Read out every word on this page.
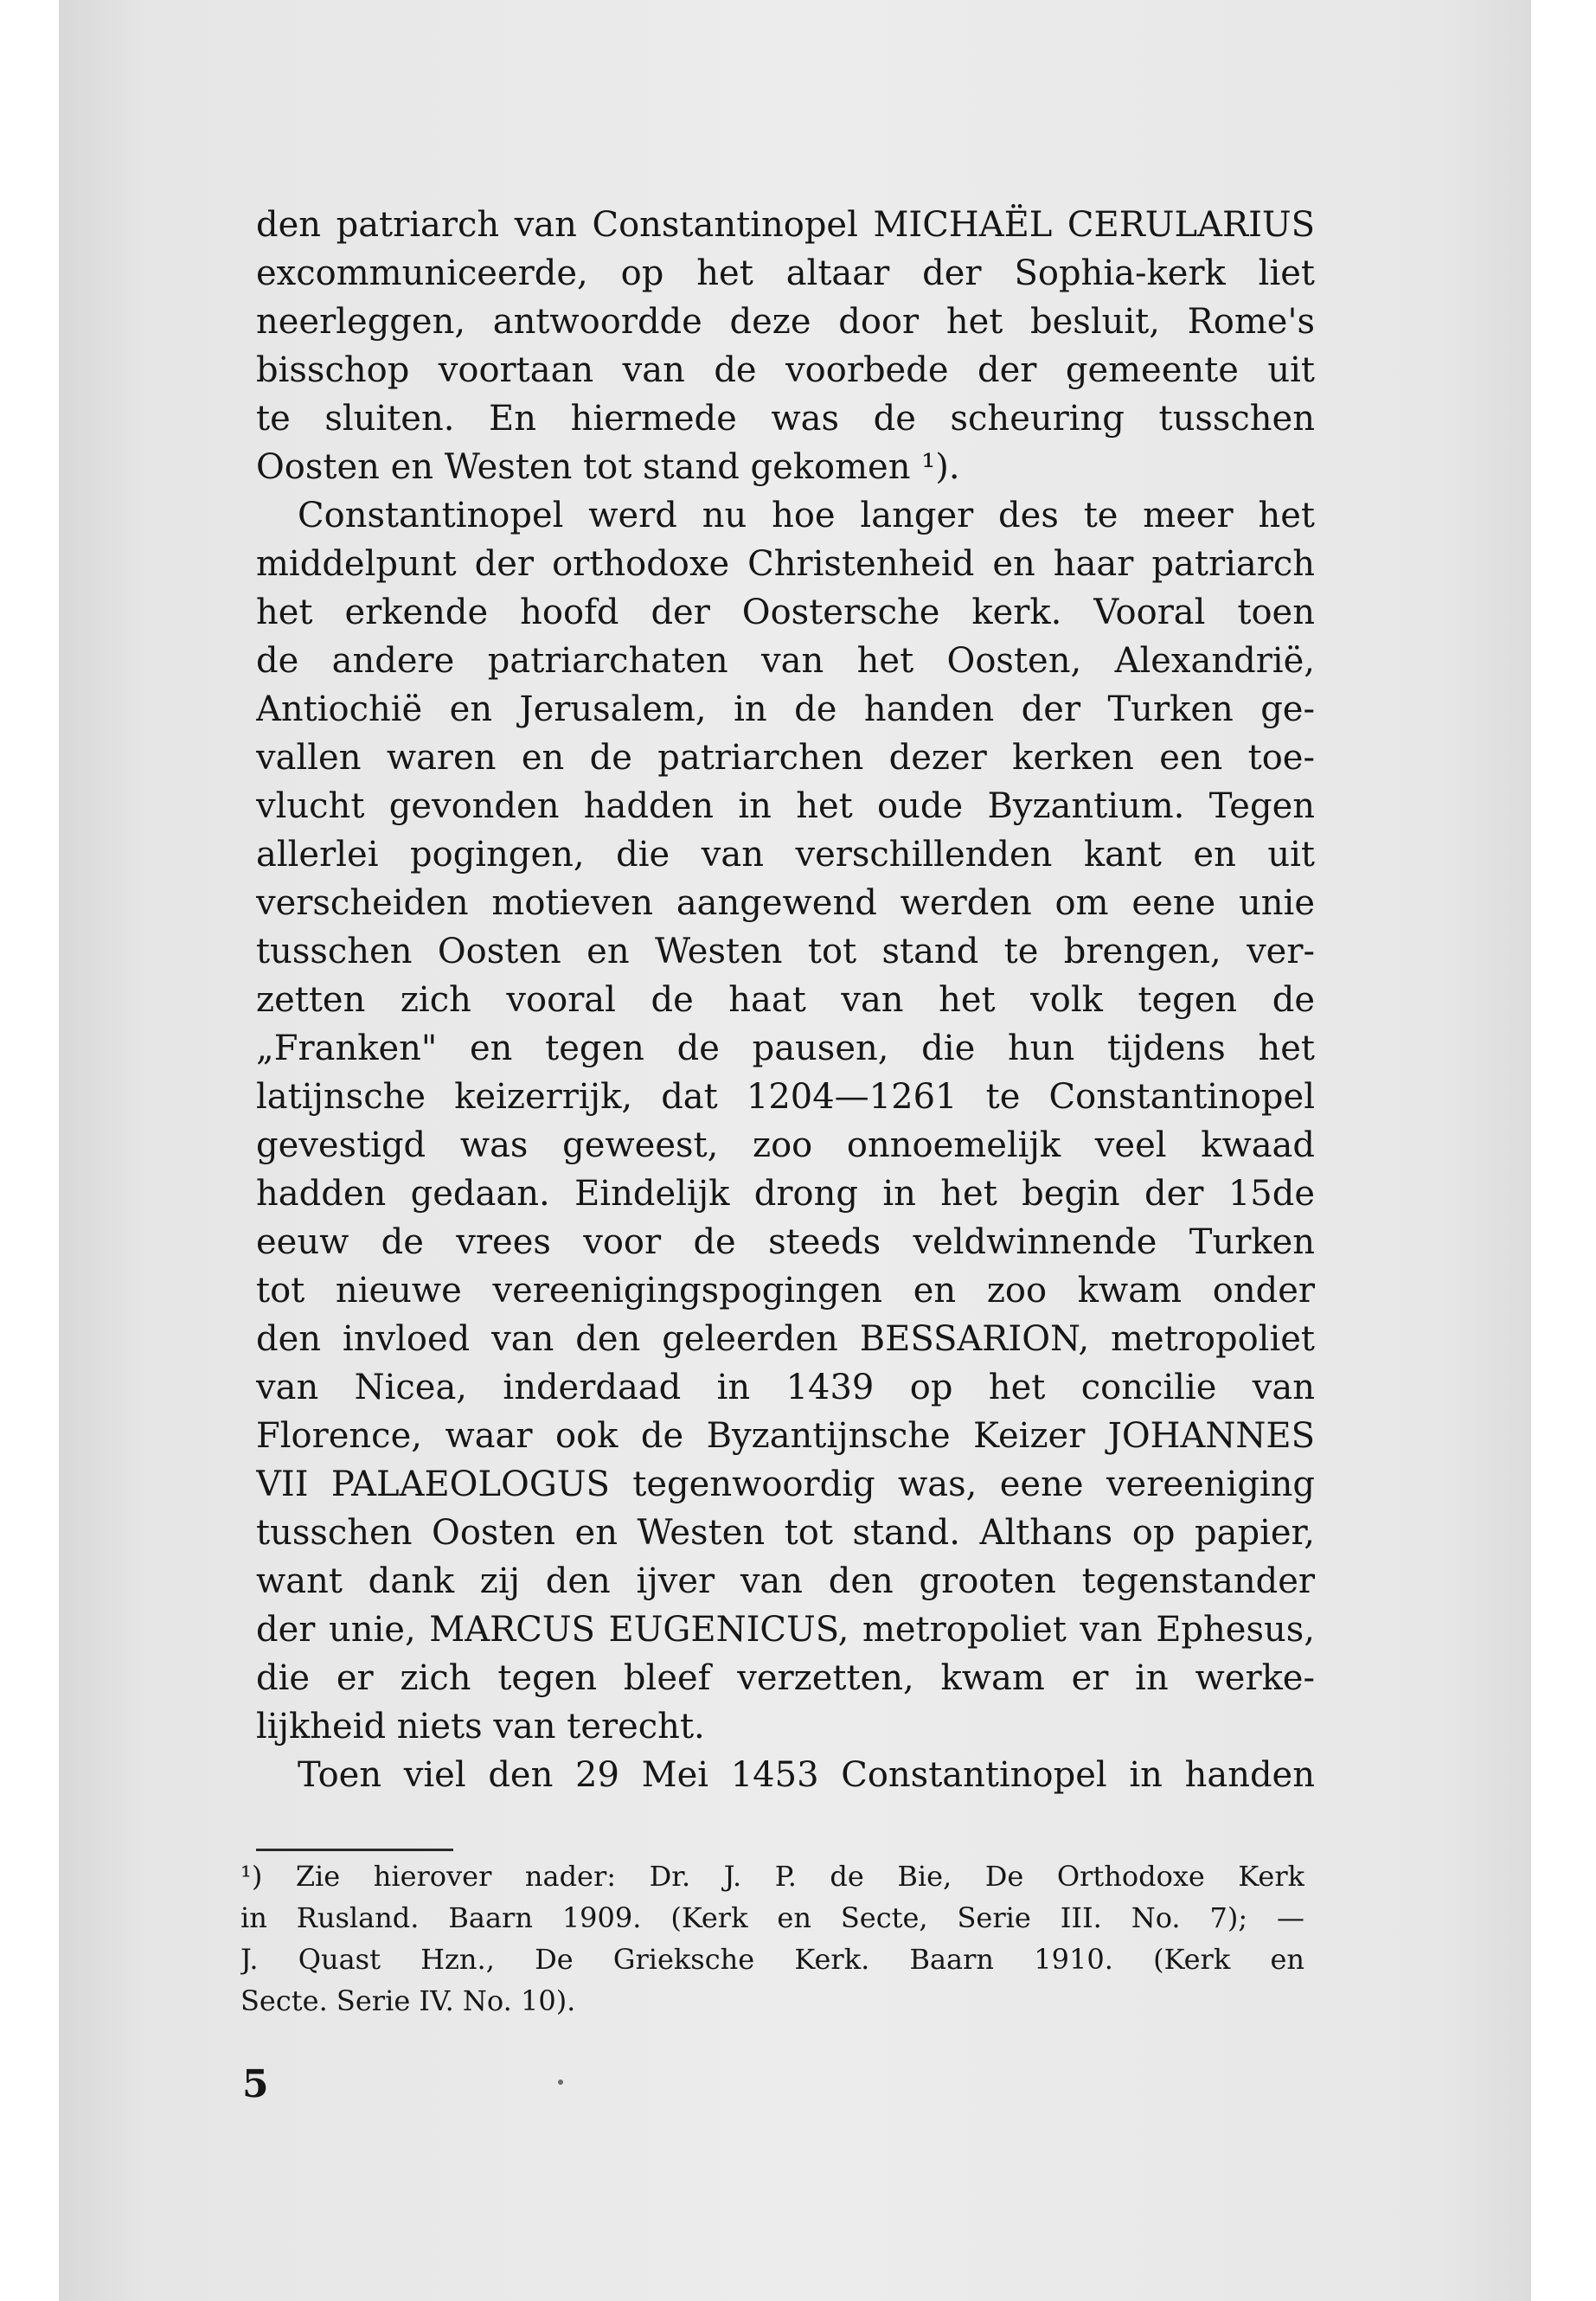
den patriarch van Constantinopel MICHAËL CERULARIUS
excommuniceerde, op het altaar der Sophia-kerk liet
neerleggen, antwoordde deze door het besluit, Rome's
bisschop voortaan van de voorbede der gemeente uit
te sluiten. En hiermede was de scheuring tusschen
Oosten en Westen tot stand gekomen ¹).
Constantinopel werd nu hoe langer des te meer het
middelpunt der orthodoxe Christenheid en haar patriarch
het erkende hoofd der Oostersche kerk. Vooral toen
de andere patriarchaten van het Oosten, Alexandrië,
Antiochië en Jerusalem, in de handen der Turken ge-
vallen waren en de patriarchen dezer kerken een toe-
vlucht gevonden hadden in het oude Byzantium. Tegen
allerlei pogingen, die van verschillenden kant en uit
verscheiden motieven aangewend werden om eene unie
tusschen Oosten en Westen tot stand te brengen, ver-
zetten zich vooral de haat van het volk tegen de
„Franken" en tegen de pausen, die hun tijdens het
latijnsche keizerrijk, dat 1204—1261 te Constantinopel
gevestigd was geweest, zoo onnoemelijk veel kwaad
hadden gedaan. Eindelijk drong in het begin der 15de
eeuw de vrees voor de steeds veldwinnende Turken
tot nieuwe vereenigingspogingen en zoo kwam onder
den invloed van den geleerden BESSARION, metropoliet
van Nicea, inderdaad in 1439 op het concilie van
Florence, waar ook de Byzantijnsche Keizer JOHANNES
VII PALAEOLOGUS tegenwoordig was, eene vereeniging
tusschen Oosten en Westen tot stand. Althans op papier,
want dank zij den ijver van den grooten tegenstander
der unie, MARCUS EUGENICUS, metropoliet van Ephesus,
die er zich tegen bleef verzetten, kwam er in werke-
lijkheid niets van terecht.
Toen viel den 29 Mei 1453 Constantinopel in handen
¹) Zie hierover nader: Dr. J. P. de Bie, De Orthodoxe Kerk
in Rusland. Baarn 1909. (Kerk en Secte, Serie III. No. 7); —
J. Quast Hzn., De Grieksche Kerk. Baarn 1910. (Kerk en
Secte. Serie IV. No. 10).
5
